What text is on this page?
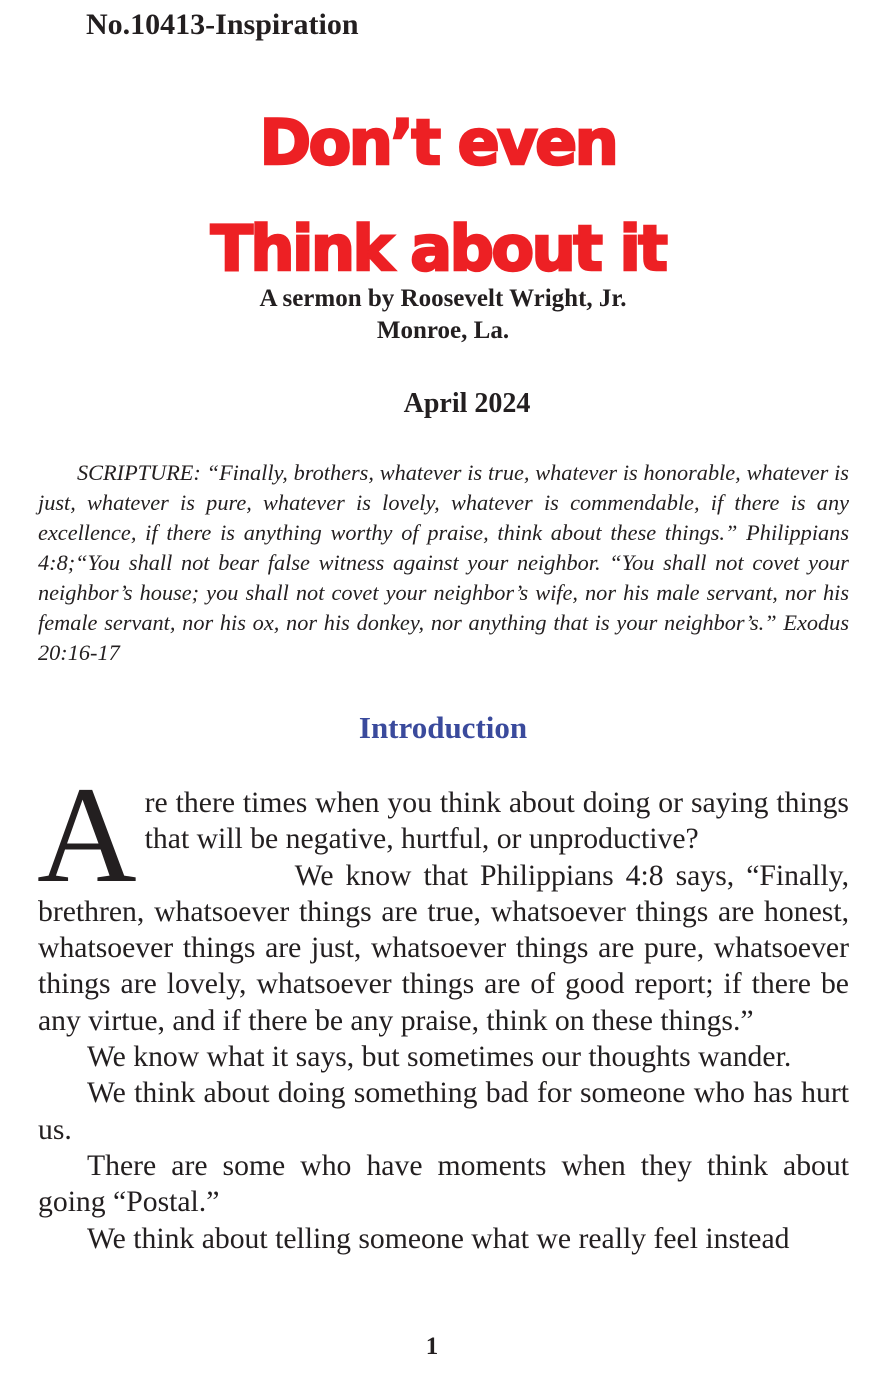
No.10413-Inspiration
Don’t even
Think about it
A sermon by Roosevelt Wright, Jr.
Monroe, La.
April 2024

SCRIPTURE: “Finally, brothers, whatever is true, whatever is honorable, whatever is just, whatever is pure, whatever is lovely, whatever is commendable, if there is any excellence, if there is anything worthy of praise, think about these things.” Philippians 4:8;“You shall not bear false witness against your neighbor. “You shall not covet your neighbor’s house; you shall not covet your neighbor’s wife, nor his male servant, nor his female servant, nor his ox, nor his donkey, nor anything that is your neighbor’s.” Exodus 20:16-17

Introduction

Are there times when you think about doing or saying things that will be negative, hurtful, or unproductive?

We know that Philippians 4:8 says, “Finally, brethren, whatsoever things are true, whatsoever things are honest, whatsoever things are just, whatsoever things are pure, whatsoever things are lovely, whatsoever things are of good report; if there be any virtue, and if there be any praise, think on these things.”

We know what it says, but sometimes our thoughts wander.

We think about doing something bad for someone who has hurt us.

There are some who have moments when they think about going “Postal.”

We think about telling someone what we really feel instead

1
